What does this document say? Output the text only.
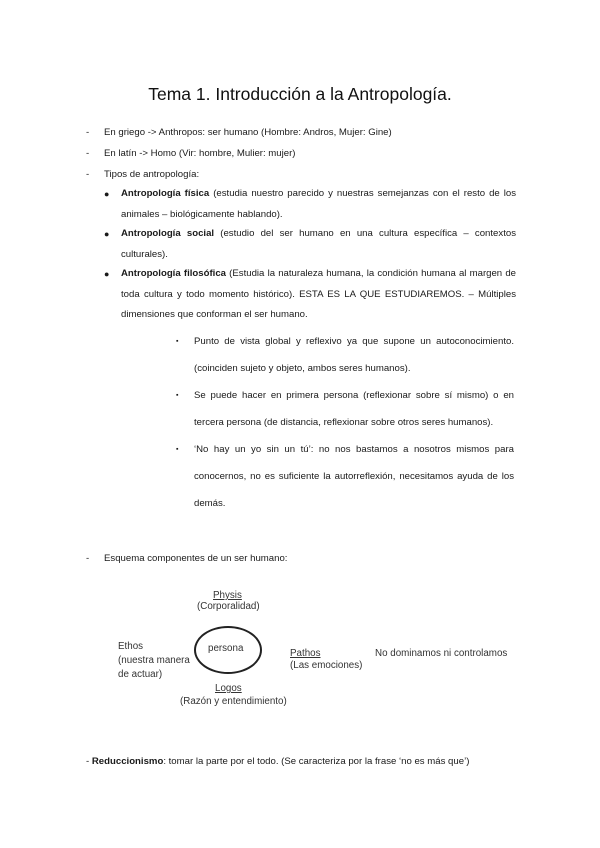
Tema 1. Introducción a la Antropología.
- En griego -> Anthropos: ser humano (Hombre: Andros, Mujer: Gine)
- En latín -> Homo (Vir: hombre, Mulier: mujer)
- Tipos de antropología:
● Antropología física (estudia nuestro parecido y nuestras semejanzas con el resto de los animales – biológicamente hablando).
● Antropología social (estudio del ser humano en una cultura específica – contextos culturales).
● Antropología filosófica (Estudia la naturaleza humana, la condición humana al margen de toda cultura y todo momento histórico). ESTA ES LA QUE ESTUDIAREMOS. – Múltiples dimensiones que conforman el ser humano.
▪ Punto de vista global y reflexivo ya que supone un autoconocimiento. (coinciden sujeto y objeto, ambos seres humanos).
▪ Se puede hacer en primera persona (reflexionar sobre sí mismo) o en tercera persona (de distancia, reflexionar sobre otros seres humanos).
▪ ‘No hay un yo sin un tú’: no nos bastamos a nosotros mismos para conocernos, no es suficiente la autorreflexión, necesitamos ayuda de los demás.
- Esquema componentes de un ser humano:
Physis
(Corporalidad)
Ethos
(nuestra manera
de actuar)
persona	Pathos
(Las emociones)
No dominamos ni controlamos
Logos
(Razón y entendimiento)
- Reduccionismo: tomar la parte por el todo. (Se caracteriza por la frase ‘no es más que’)
